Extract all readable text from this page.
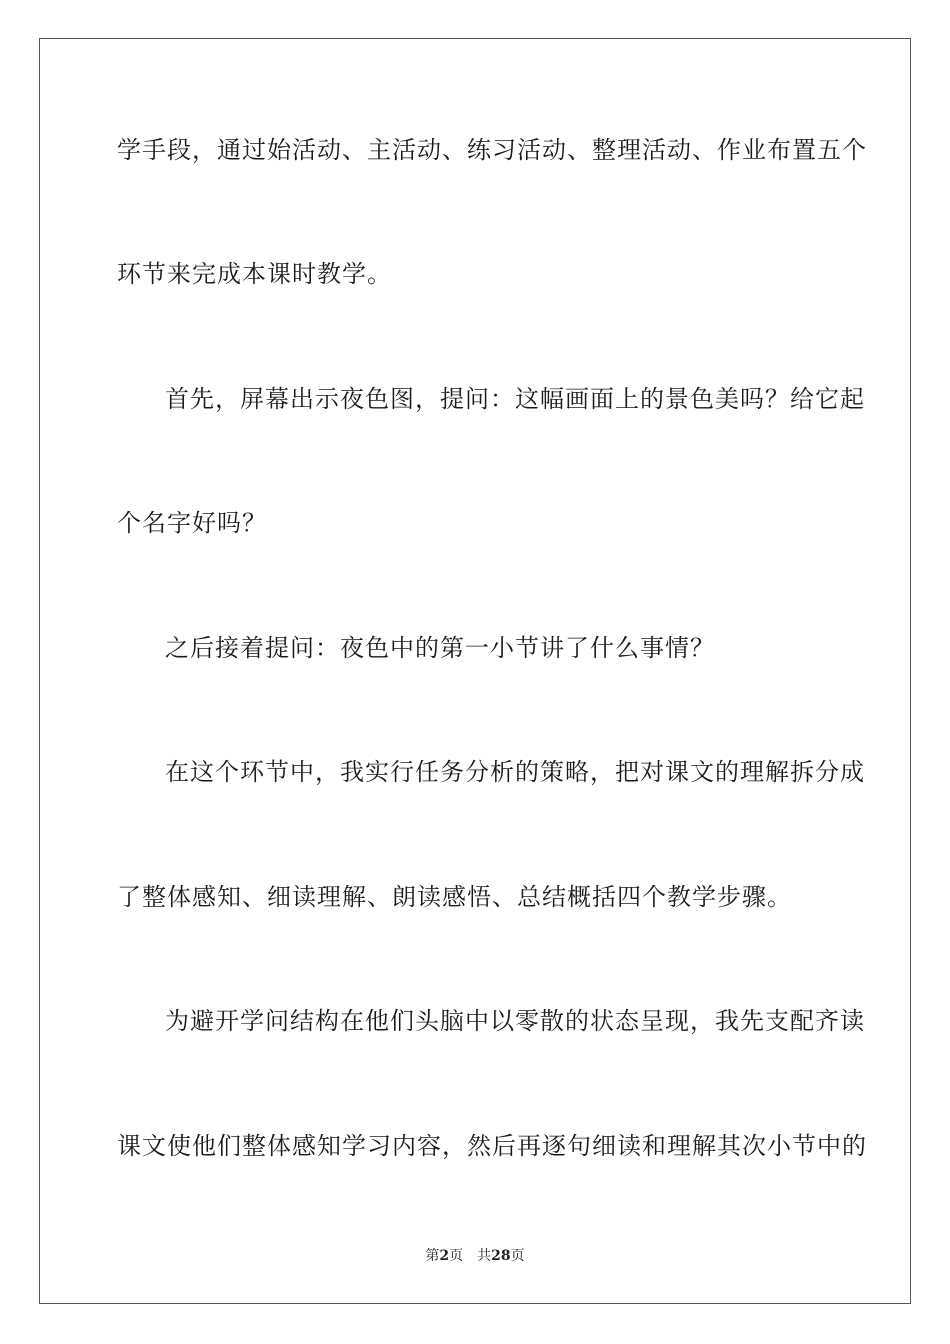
学手段，通过始活动、主活动、练习活动、整理活动、作业布置五个
环节来完成本课时教学。
首先，屏幕出示夜色图，提问：这幅画面上的景色美吗？给它起
个名字好吗？
之后接着提问：夜色中的第一小节讲了什么事情？
在这个环节中，我实行任务分析的策略，把对课文的理解拆分成
了整体感知、细读理解、朗读感悟、总结概括四个教学步骤。
为避开学问结构在他们头脑中以零散的状态呈现，我先支配齐读
课文使他们整体感知学习内容，然后再逐句细读和理解其次小节中的
第2页 共28页
